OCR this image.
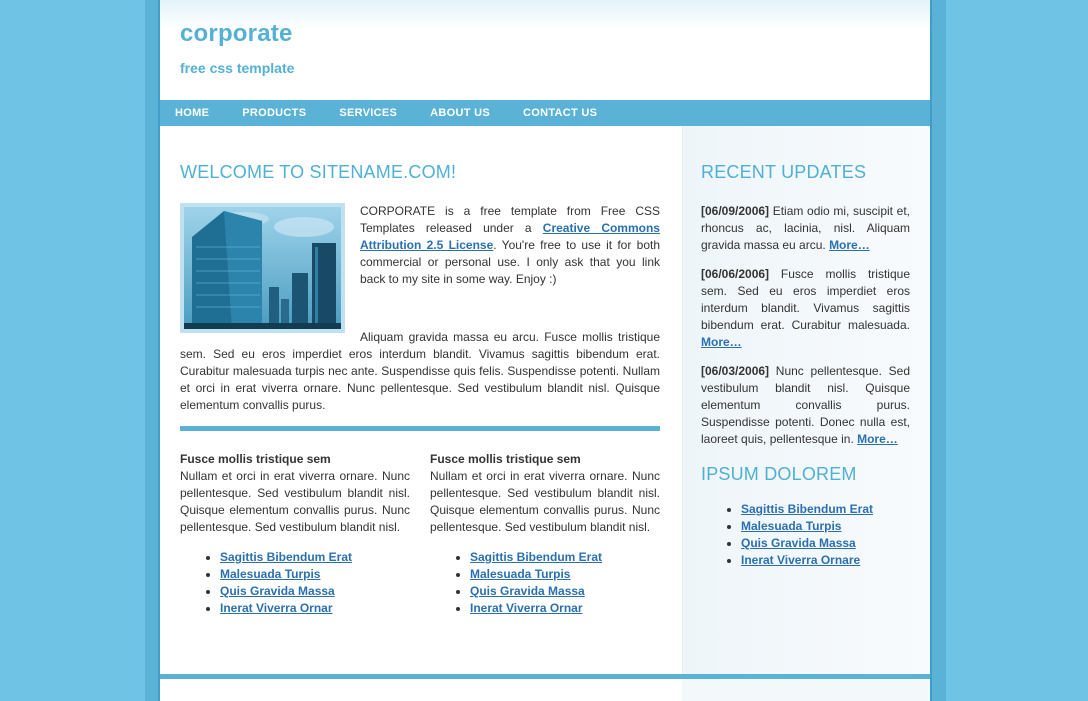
corporate
free css template
HOME	PRODUCTS	SERVICES	ABOUT US	CONTACT US
WELCOME TO SITENAME.COM!
CORPORATE is a free template from Free CSS Templates released under a Creative Commons Attribution 2.5 License. You're free to use it for both commercial or personal use. I only ask that you link back to my site in some way. Enjoy :)
Aliquam gravida massa eu arcu. Fusce mollis tristique sem. Sed eu eros imperdiet eros interdum blandit. Vivamus sagittis bibendum erat. Curabitur malesuada turpis nec ante. Suspendisse quis felis. Suspendisse potenti. Nullam et orci in erat viverra ornare. Nunc pellentesque. Sed vestibulum blandit nisl. Quisque elementum convallis purus.
Fusce mollis tristique sem

Nullam et orci in erat viverra ornare. Nunc pellentesque. Sed vestibulum blandit nisl. Quisque elementum convallis purus. Nunc pellentesque. Sed vestibulum blandit nisl.

• Sagittis Bibendum Erat
• Malesuada Turpis
• Quis Gravida Massa
• Inerat Viverra Ornar
Fusce mollis tristique sem

Nullam et orci in erat viverra ornare. Nunc pellentesque. Sed vestibulum blandit nisl. Quisque elementum convallis purus. Nunc pellentesque. Sed vestibulum blandit nisl.

• Sagittis Bibendum Erat
• Malesuada Turpis
• Quis Gravida Massa
• Inerat Viverra Ornar
RECENT UPDATES
[06/09/2006] Etiam odio mi, suscipit et, rhoncus ac, lacinia, nisl. Aliquam gravida massa eu arcu. More…
[06/06/2006] Fusce mollis tristique sem. Sed eu eros imperdiet eros interdum blandit. Vivamus sagittis bibendum erat. Curabitur malesuada. More…
[06/03/2006] Nunc pellentesque. Sed vestibulum blandit nisl. Quisque elementum convallis purus. Suspendisse potenti. Donec nulla est, laoreet quis, pellentesque in. More…
IPSUM DOLOREM
• Sagittis Bibendum Erat
• Malesuada Turpis
• Quis Gravida Massa
• Inerat Viverra Ornare
